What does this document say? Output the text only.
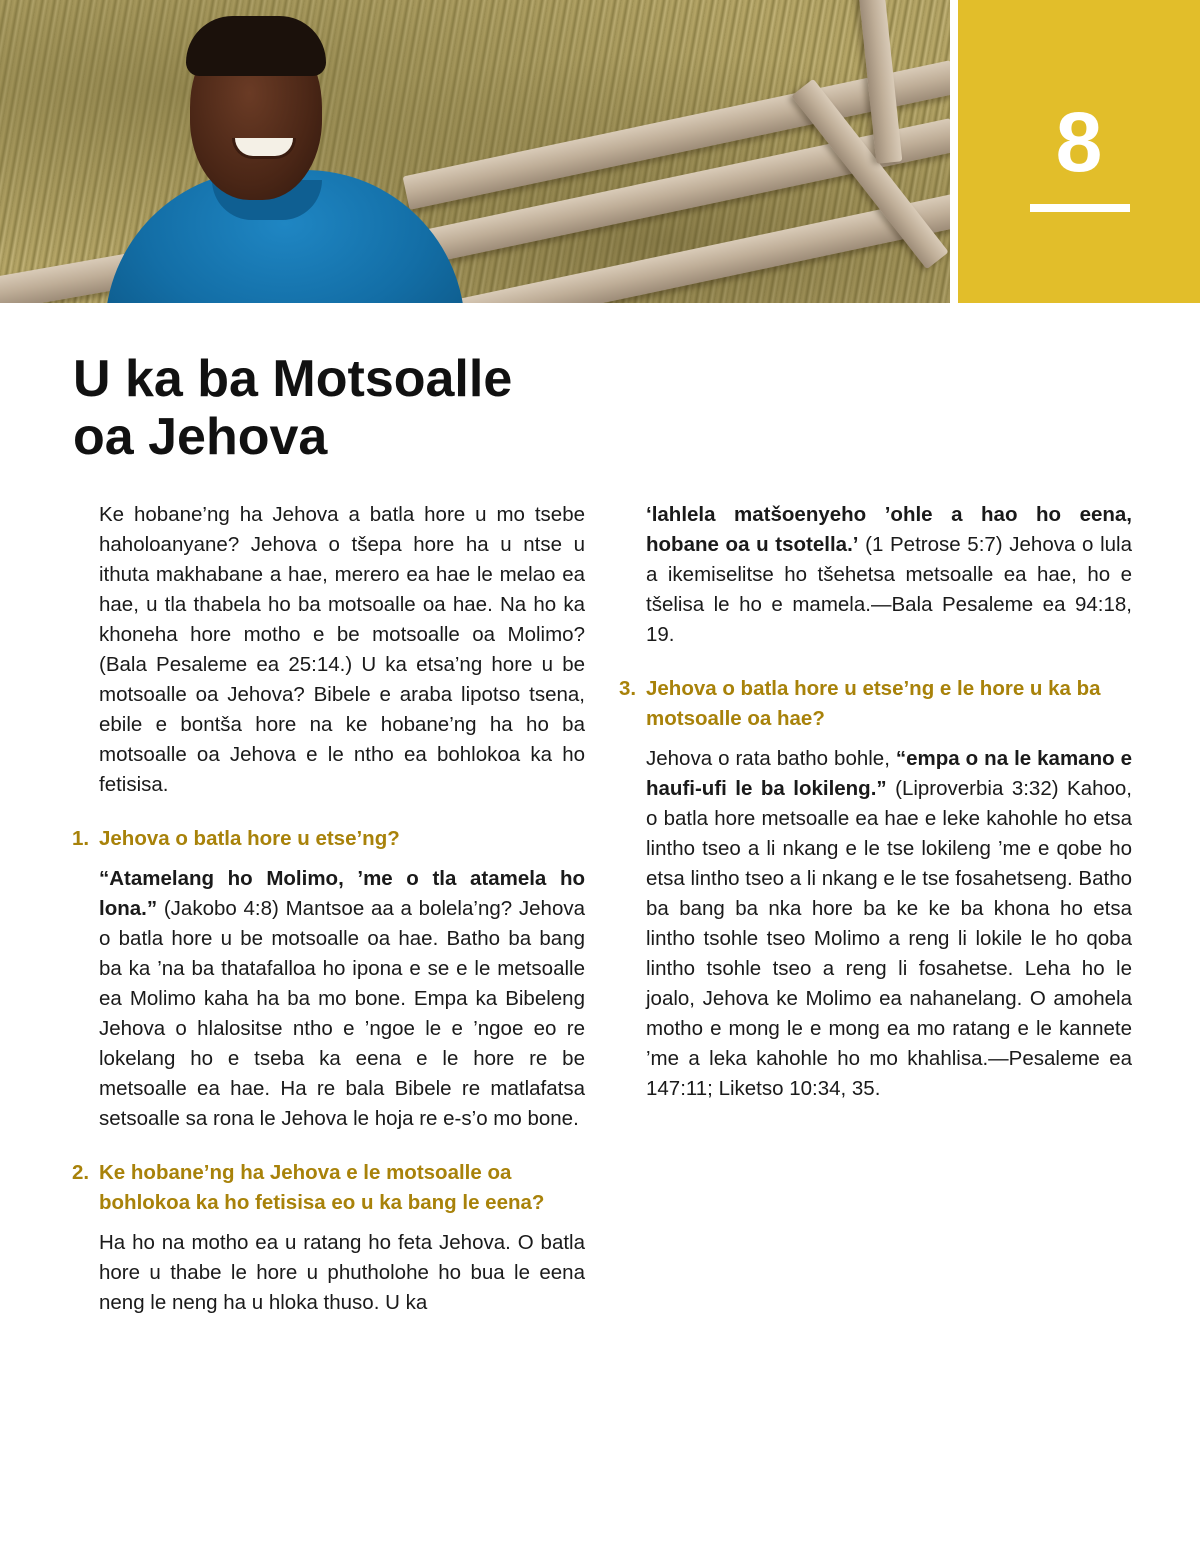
8
U ka ba Motsoalle
oa Jehova

Ke hobane’ng ha Jehova a batla hore u mo tsebe haholoanyane? Jehova o tšepa hore ha u ntse u ithuta makhabane a hae, merero ea hae le melao ea hae, u tla thabela ho ba motsoalle oa hae. Na ho ka khoneha hore motho e be motsoalle oa Molimo? (Bala Pesaleme ea 25:14.) U ka etsa’ng hore u be motsoalle oa Jehova? Bibele e araba lipotso tsena, ebile e bontša hore na ke hobane’ng ha ho ba motsoalle oa Jehova e le ntho ea bohlokoa ka ho fetisisa.

1. Jehova o batla hore u etse’ng?

“Atamelang ho Molimo, ’me o tla atamela ho lona.” (Jakobo 4:8) Mantsoe aa a bolela’ng? Jehova o batla hore u be motsoalle oa hae. Batho ba bang ba ka ’na ba thatafalloa ho ipona e se e le metsoalle ea Molimo kaha ha ba mo bone. Empa ka Bibeleng Jehova o hlalositse ntho e ’ngoe le e ’ngoe eo re lokelang ho e tseba ka eena e le hore re be metsoalle ea hae. Ha re bala Bibele re matlafatsa setsoalle sa rona le Jehova le hoja re e-s’o mo bone.

2. Ke hobane’ng ha Jehova e le motsoalle oa bohlokoa ka ho fetisisa eo u ka bang le eena?

Ha ho na motho ea u ratang ho feta Jehova. O batla hore u thabe le hore u phutholohe ho bua le eena neng le neng ha u hloka thuso. U ka

‘lahlela matšoenyeho ’ohle a hao ho eena, hobane oa u tsotella.’ (1 Petrose 5:7) Jehova o lula a ikemiselitse ho tšehetsa metsoalle ea hae, ho e tšelisa le ho e mamela.—Bala Pesaleme ea 94:18, 19.

3. Jehova o batla hore u etse’ng e le hore u ka ba motsoalle oa hae?

Jehova o rata batho bohle, “empa o na le kamano e haufi-ufi le ba lokileng.” (Liproverbia 3:32) Kahoo, o batla hore metsoalle ea hae e leke kahohle ho etsa lintho tseo a li nkang e le tse lokileng ’me e qobe ho etsa lintho tseo a li nkang e le tse fosahetseng. Batho ba bang ba nka hore ba ke ke ba khona ho etsa lintho tsohle tseo Molimo a reng li lokile le ho qoba lintho tsohle tseo a reng li fosahetse. Leha ho le joalo, Jehova ke Molimo ea nahanelang. O amohela motho e mong le e mong ea mo ratang e le kannete ’me a leka kahohle ho mo khahlisa.—Pesaleme ea 147:11; Liketso 10:34, 35.
